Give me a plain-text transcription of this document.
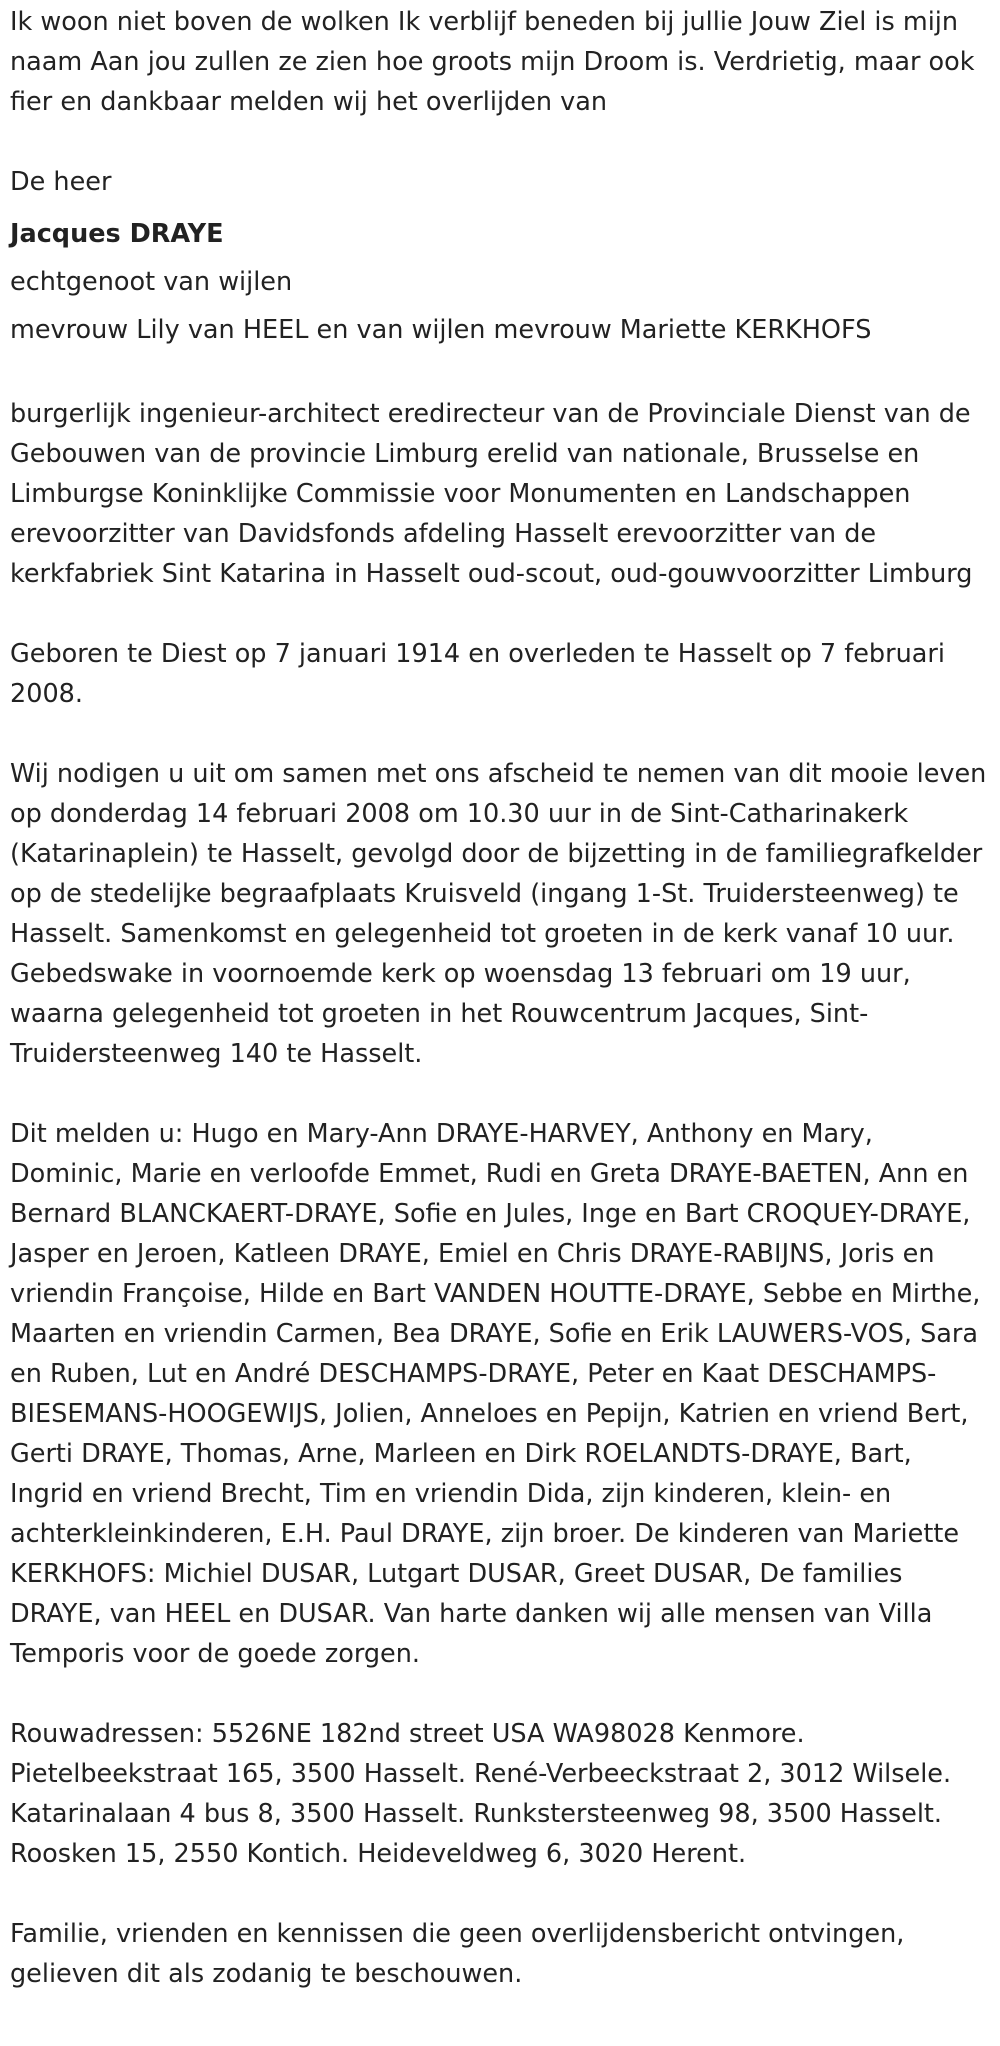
Ik woon niet boven de wolken Ik verblijf beneden bij jullie Jouw Ziel is mijn naam Aan jou zullen ze zien hoe groots mijn Droom is. Verdrietig, maar ook fier en dankbaar melden wij het overlijden van

De heer

Jacques DRAYE

echtgenoot van wijlen

mevrouw Lily van HEEL en van wijlen mevrouw Mariette KERKHOFS

burgerlijk ingenieur-architect eredirecteur van de Provinciale Dienst van de Gebouwen van de provincie Limburg erelid van nationale, Brusselse en Limburgse Koninklijke Commissie voor Monumenten en Landschappen erevoorzitter van Davidsfonds afdeling Hasselt erevoorzitter van de kerkfabriek Sint Katarina in Hasselt oud-scout, oud-gouwvoorzitter Limburg

Geboren te Diest op 7 januari 1914 en overleden te Hasselt op 7 februari 2008.

Wij nodigen u uit om samen met ons afscheid te nemen van dit mooie leven op donderdag 14 februari 2008 om 10.30 uur in de Sint-Catharinakerk (Katarinaplein) te Hasselt, gevolgd door de bijzetting in de familiegrafkelder op de stedelijke begraafplaats Kruisveld (ingang 1-St. Truidersteenweg) te Hasselt. Samenkomst en gelegenheid tot groeten in de kerk vanaf 10 uur. Gebedswake in voornoemde kerk op woensdag 13 februari om 19 uur, waarna gelegenheid tot groeten in het Rouwcentrum Jacques, Sint-Truidersteenweg 140 te Hasselt.

Dit melden u: Hugo en Mary-Ann DRAYE-HARVEY, Anthony en Mary, Dominic, Marie en verloofde Emmet, Rudi en Greta DRAYE-BAETEN, Ann en Bernard BLANCKAERT-DRAYE, Sofie en Jules, Inge en Bart CROQUEY-DRAYE, Jasper en Jeroen, Katleen DRAYE, Emiel en Chris DRAYE-RABIJNS, Joris en vriendin Françoise, Hilde en Bart VANDEN HOUTTE-DRAYE, Sebbe en Mirthe, Maarten en vriendin Carmen, Bea DRAYE, Sofie en Erik LAUWERS-VOS, Sara en Ruben, Lut en André DESCHAMPS-DRAYE, Peter en Kaat DESCHAMPS-BIESEMANS-HOOGEWIJS, Jolien, Anneloes en Pepijn, Katrien en vriend Bert, Gerti DRAYE, Thomas, Arne, Marleen en Dirk ROELANDTS-DRAYE, Bart, Ingrid en vriend Brecht, Tim en vriendin Dida, zijn kinderen, klein- en achterkleinkinderen, E.H. Paul DRAYE, zijn broer. De kinderen van Mariette KERKHOFS: Michiel DUSAR, Lutgart DUSAR, Greet DUSAR, De families DRAYE, van HEEL en DUSAR. Van harte danken wij alle mensen van Villa Temporis voor de goede zorgen.

Rouwadressen: 5526NE 182nd street USA WA98028 Kenmore. Pietelbeekstraat 165, 3500 Hasselt. René-Verbeeckstraat 2, 3012 Wilsele. Katarinalaan 4 bus 8, 3500 Hasselt. Runkstersteenweg 98, 3500 Hasselt. Roosken 15, 2550 Kontich. Heideveldweg 6, 3020 Herent.

Familie, vrienden en kennissen die geen overlijdensbericht ontvingen, gelieven dit als zodanig te beschouwen.
